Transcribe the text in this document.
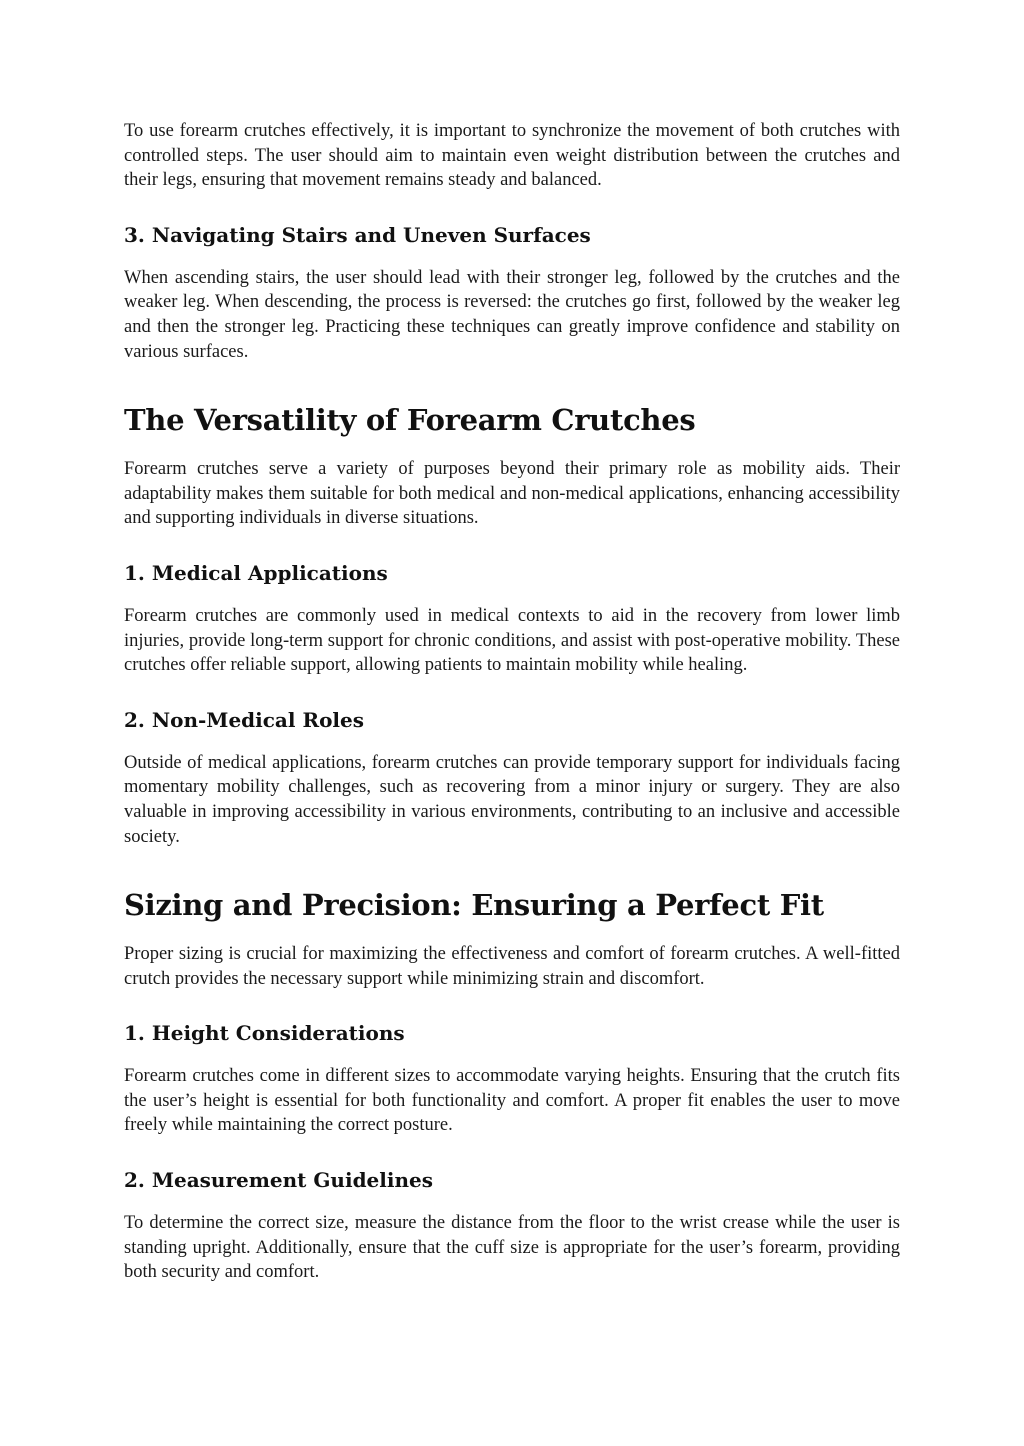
To use forearm crutches effectively, it is important to synchronize the movement of both crutches with controlled steps. The user should aim to maintain even weight distribution between the crutches and their legs, ensuring that movement remains steady and balanced.

3. Navigating Stairs and Uneven Surfaces

When ascending stairs, the user should lead with their stronger leg, followed by the crutches and the weaker leg. When descending, the process is reversed: the crutches go first, followed by the weaker leg and then the stronger leg. Practicing these techniques can greatly improve confidence and stability on various surfaces.

The Versatility of Forearm Crutches

Forearm crutches serve a variety of purposes beyond their primary role as mobility aids. Their adaptability makes them suitable for both medical and non-medical applications, enhancing accessibility and supporting individuals in diverse situations.

1. Medical Applications

Forearm crutches are commonly used in medical contexts to aid in the recovery from lower limb injuries, provide long-term support for chronic conditions, and assist with post-operative mobility. These crutches offer reliable support, allowing patients to maintain mobility while healing.

2. Non-Medical Roles

Outside of medical applications, forearm crutches can provide temporary support for individuals facing momentary mobility challenges, such as recovering from a minor injury or surgery. They are also valuable in improving accessibility in various environments, contributing to an inclusive and accessible society.

Sizing and Precision: Ensuring a Perfect Fit

Proper sizing is crucial for maximizing the effectiveness and comfort of forearm crutches. A well-fitted crutch provides the necessary support while minimizing strain and discomfort.

1. Height Considerations

Forearm crutches come in different sizes to accommodate varying heights. Ensuring that the crutch fits the user’s height is essential for both functionality and comfort. A proper fit enables the user to move freely while maintaining the correct posture.

2. Measurement Guidelines

To determine the correct size, measure the distance from the floor to the wrist crease while the user is standing upright. Additionally, ensure that the cuff size is appropriate for the user’s forearm, providing both security and comfort.
